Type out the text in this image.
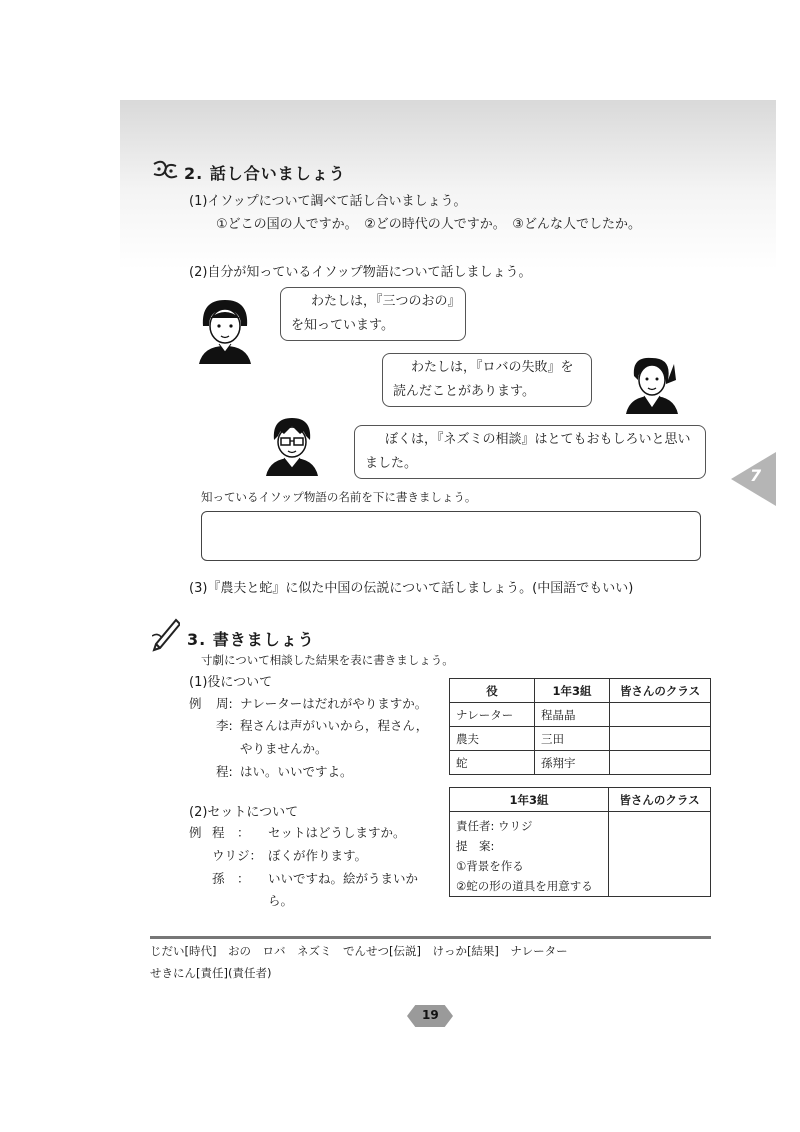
2. 話し合いましょう
(1)イソップについて調べて話し合いましょう。
①どこの国の人ですか。　②どの時代の人ですか。　③どんな人でしたか。
(2)自分が知っているイソップ物語について話しましょう。
わたしは，『三つのおの』を知っています。
わたしは，『ロバの失敗』を読んだことがあります。
ぼくは，『ネズミの相談』はとてもおもしろいと思いました。
知っているイソップ物語の名前を下に書きましょう。
(3)『農夫と蛇』に似た中国の伝説について話しましょう。(中国語でもいい)
7
3. 書きましょう
寸劇について相談した結果を表に書きましょう。
(1)役について
例 周: ナレーターはだれがやりますか。
李: 程さんは声がいいから，程さん，
やりませんか。
程: はい。いいですよ。
役	1年3組	皆さんのクラス
ナレーター	程晶晶	
農夫	三田	
蛇	孫翔宇	
(2)セットについて
例 程　： セットはどうしますか。
ウリジ： ぼくが作ります。
孫　： いいですね。絵がうまいか
ら。
1年3組	皆さんのクラス

責任者: ウリジ
提　案:
①背景を作る
②蛇の形の道具を用意する	

じだい[時代]　おの　ロバ　ネズミ　でんせつ[伝説]　けっか[結果]　ナレーター
せきにん[責任](責任者)
19
